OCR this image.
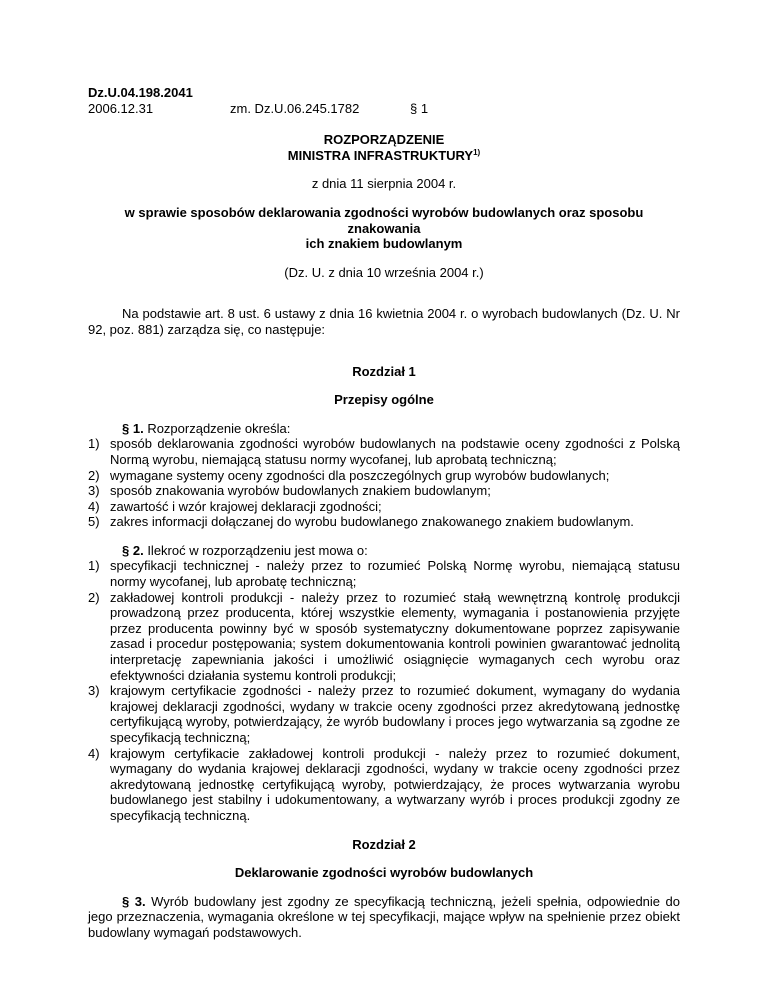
Dz.U.04.198.2041
2006.12.31	zm. Dz.U.06.245.1782	§ 1
ROZPORZĄDZENIE
MINISTRA INFRASTRUKTURY$^{1)}$
z dnia 11 sierpnia 2004 r.
w sprawie sposobów deklarowania zgodności wyrobów budowlanych oraz sposobu znakowania
ich znakiem budowlanym
(Dz. U. z dnia 10 września 2004 r.)
Na podstawie art. 8 ust. 6 ustawy z dnia 16 kwietnia 2004 r. o wyrobach budowlanych (Dz. U. Nr 92, poz. 881) zarządza się, co następuje:
Rozdział 1
Przepisy ogólne
§ 1. Rozporządzenie określa:
1) sposób deklarowania zgodności wyrobów budowlanych na podstawie oceny zgodności z Polską Normą wyrobu, niemającą statusu normy wycofanej, lub aprobatą techniczną;
2) wymagane systemy oceny zgodności dla poszczególnych grup wyrobów budowlanych;
3) sposób znakowania wyrobów budowlanych znakiem budowlanym;
4) zawartość i wzór krajowej deklaracji zgodności;
5) zakres informacji dołączanej do wyrobu budowlanego znakowanego znakiem budowlanym.
§ 2. Ilekroć w rozporządzeniu jest mowa o:
1) specyfikacji technicznej - należy przez to rozumieć Polską Normę wyrobu, niemającą statusu normy wycofanej, lub aprobatę techniczną;
2) zakładowej kontroli produkcji - należy przez to rozumieć stałą wewnętrzną kontrolę produkcji prowadzoną przez producenta, której wszystkie elementy, wymagania i postanowienia przyjęte przez producenta powinny być w sposób systematyczny dokumentowane poprzez zapisywanie zasad i procedur postępowania; system dokumentowania kontroli powinien gwarantować jednolitą interpretację zapewniania jakości i umożliwić osiągnięcie wymaganych cech wyrobu oraz efektywności działania systemu kontroli produkcji;
3) krajowym certyfikacie zgodności - należy przez to rozumieć dokument, wymagany do wydania krajowej deklaracji zgodności, wydany w trakcie oceny zgodności przez akredytowaną jednostkę certyfikującą wyroby, potwierdzający, że wyrób budowlany i proces jego wytwarzania są zgodne ze specyfikacją techniczną;
4) krajowym certyfikacie zakładowej kontroli produkcji - należy przez to rozumieć dokument, wymagany do wydania krajowej deklaracji zgodności, wydany w trakcie oceny zgodności przez akredytowaną jednostkę certyfikującą wyroby, potwierdzający, że proces wytwarzania wyrobu budowlanego jest stabilny i udokumentowany, a wytwarzany wyrób i proces produkcji zgodny ze specyfikacją techniczną.
Rozdział 2
Deklarowanie zgodności wyrobów budowlanych
§ 3. Wyrób budowlany jest zgodny ze specyfikacją techniczną, jeżeli spełnia, odpowiednie do jego przeznaczenia, wymagania określone w tej specyfikacji, mające wpływ na spełnienie przez obiekt budowlany wymagań podstawowych.
